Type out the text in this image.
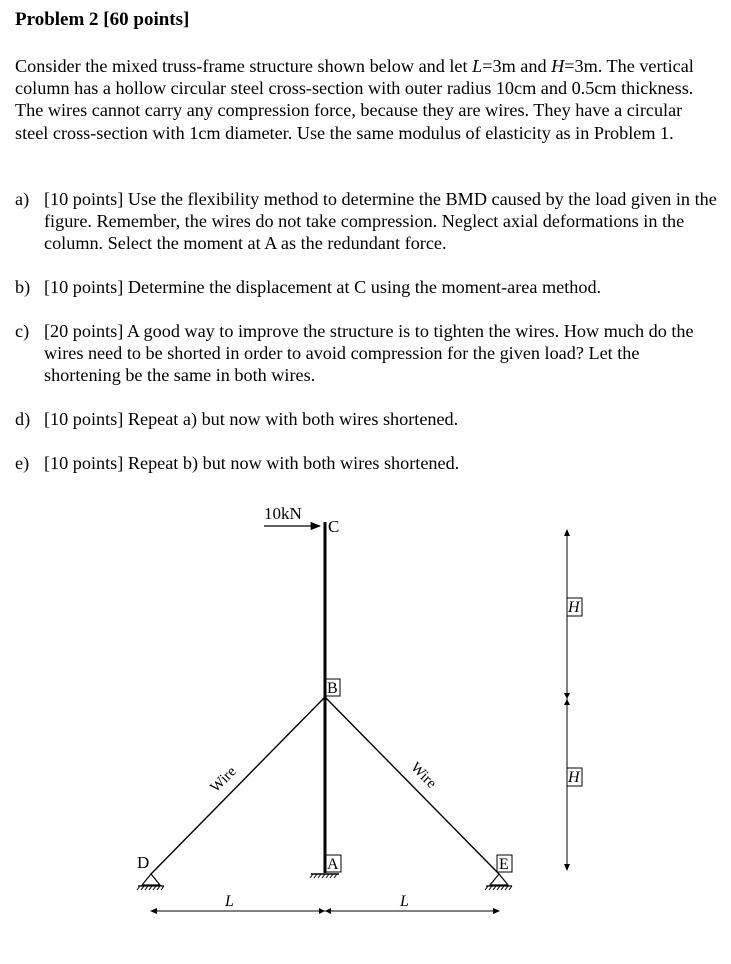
Problem 2 [60 points]
Consider the mixed truss-frame structure shown below and let L=3m and H=3m. The vertical column has a hollow circular steel cross-section with outer radius 10cm and 0.5cm thickness. The wires cannot carry any compression force, because they are wires. They have a circular steel cross-section with 1cm diameter. Use the same modulus of elasticity as in Problem 1.
a) [10 points] Use the flexibility method to determine the BMD caused by the load given in the figure. Remember, the wires do not take compression. Neglect axial deformations in the column. Select the moment at A as the redundant force.
b) [10 points] Determine the displacement at C using the moment-area method.
c) [20 points] A good way to improve the structure is to tighten the wires. How much do the wires need to be shorted in order to avoid compression for the given load? Let the shortening be the same in both wires.
d) [10 points] Repeat a) but now with both wires shortened.
e) [10 points] Repeat b) but now with both wires shortened.
10kN
C
B
A
D	E
Wire	Wire
H
H
L	L
